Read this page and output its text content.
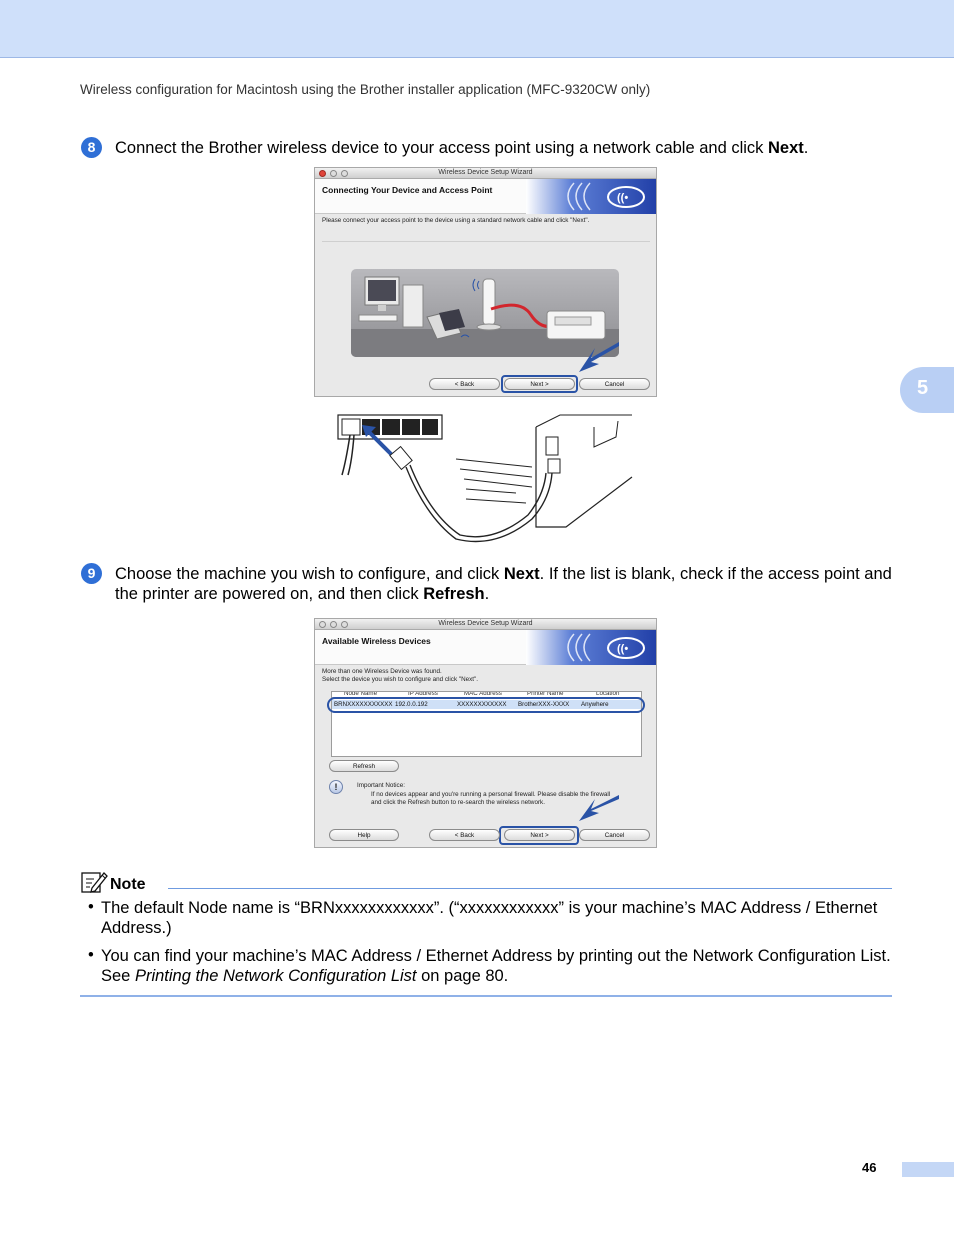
Wireless configuration for Macintosh using the Brother installer application (MFC-9320CW only)
5
8	Connect the Brother wireless device to your access point using a network cable and click Next.
Wireless Device Setup Wizard
Connecting Your Device and Access Point
((•
Please connect your access point to the device using a standard network cable and click "Next".
< Back	Next >	Cancel
9	Choose the machine you wish to configure, and click Next. If the list is blank, check if the access point and the printer are powered on, and then click Refresh.
Wireless Device Setup Wizard
Available Wireless Devices
((•
More than one Wireless Device was found.
Select the device you wish to configure and click "Next".
Node Name	IP Address	MAC Address	Printer Name	Location
BRNXXXXXXXXXXX 192.0.0.192	XXXXXXXXXXXX BrotherXXX-XXXX Anywhere
Refresh
!	Important Notice:
If no devices appear and you're running a personal firewall. Please disable the firewall
and click the Refresh button to re-search the wireless network.
Help	< Back	Next >	Cancel
Note
• The default Node name is “BRNxxxxxxxxxxxx”. (“xxxxxxxxxxxx” is your machine’s MAC Address / Ethernet Address.)
• You can find your machine’s MAC Address / Ethernet Address by printing out the Network Configuration List. See Printing the Network Configuration List on page 80.
46
